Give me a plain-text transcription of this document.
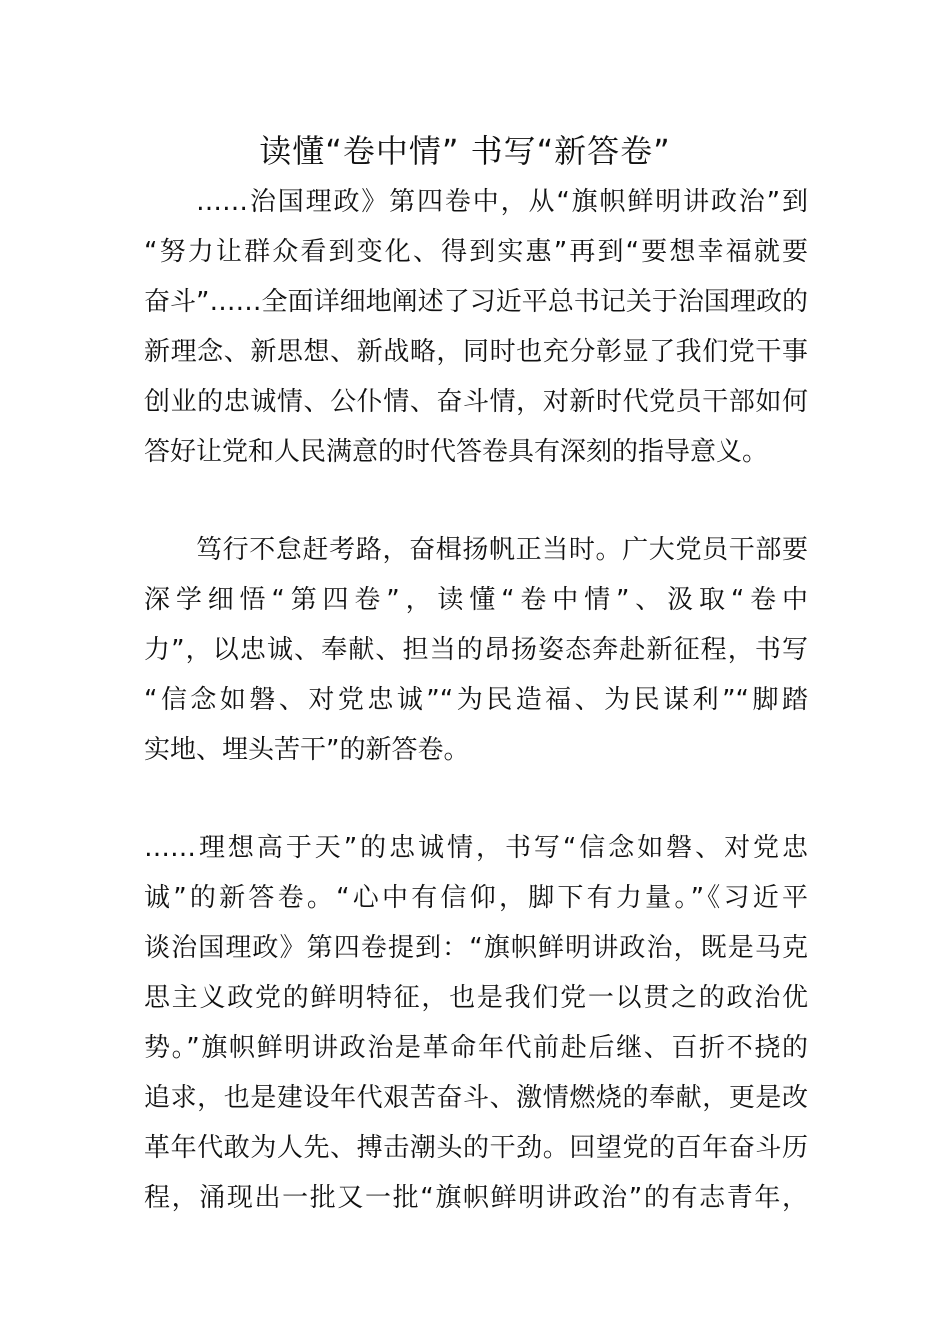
读懂“卷中情” 书写“新答卷”
……治国理政》第四卷中，从“旗帜鲜明讲政治”到
“努力让群众看到变化、得到实惠”再到“要想幸福就要
奋斗”……全面详细地阐述了习近平总书记关于治国理政的
新理念、新思想、新战略，同时也充分彰显了我们党干事
创业的忠诚情、公仆情、奋斗情，对新时代党员干部如何
答好让党和人民满意的时代答卷具有深刻的指导意义。
笃行不怠赶考路，奋楫扬帆正当时。广大党员干部要
深学细悟“第四卷”，读懂“卷中情”、汲取“卷中
力”，以忠诚、奉献、担当的昂扬姿态奔赴新征程，书写
“信念如磐、对党忠诚”“为民造福、为民谋利”“脚踏
实地、埋头苦干”的新答卷。
……理想高于天”的忠诚情，书写“信念如磐、对党忠
诚”的新答卷。“心中有信仰，脚下有力量。”《习近平
谈治国理政》第四卷提到：“旗帜鲜明讲政治，既是马克
思主义政党的鲜明特征，也是我们党一以贯之的政治优
势。”旗帜鲜明讲政治是革命年代前赴后继、百折不挠的
追求，也是建设年代艰苦奋斗、激情燃烧的奉献，更是改
革年代敢为人先、搏击潮头的干劲。回望党的百年奋斗历
程，涌现出一批又一批“旗帜鲜明讲政治”的有志青年，
